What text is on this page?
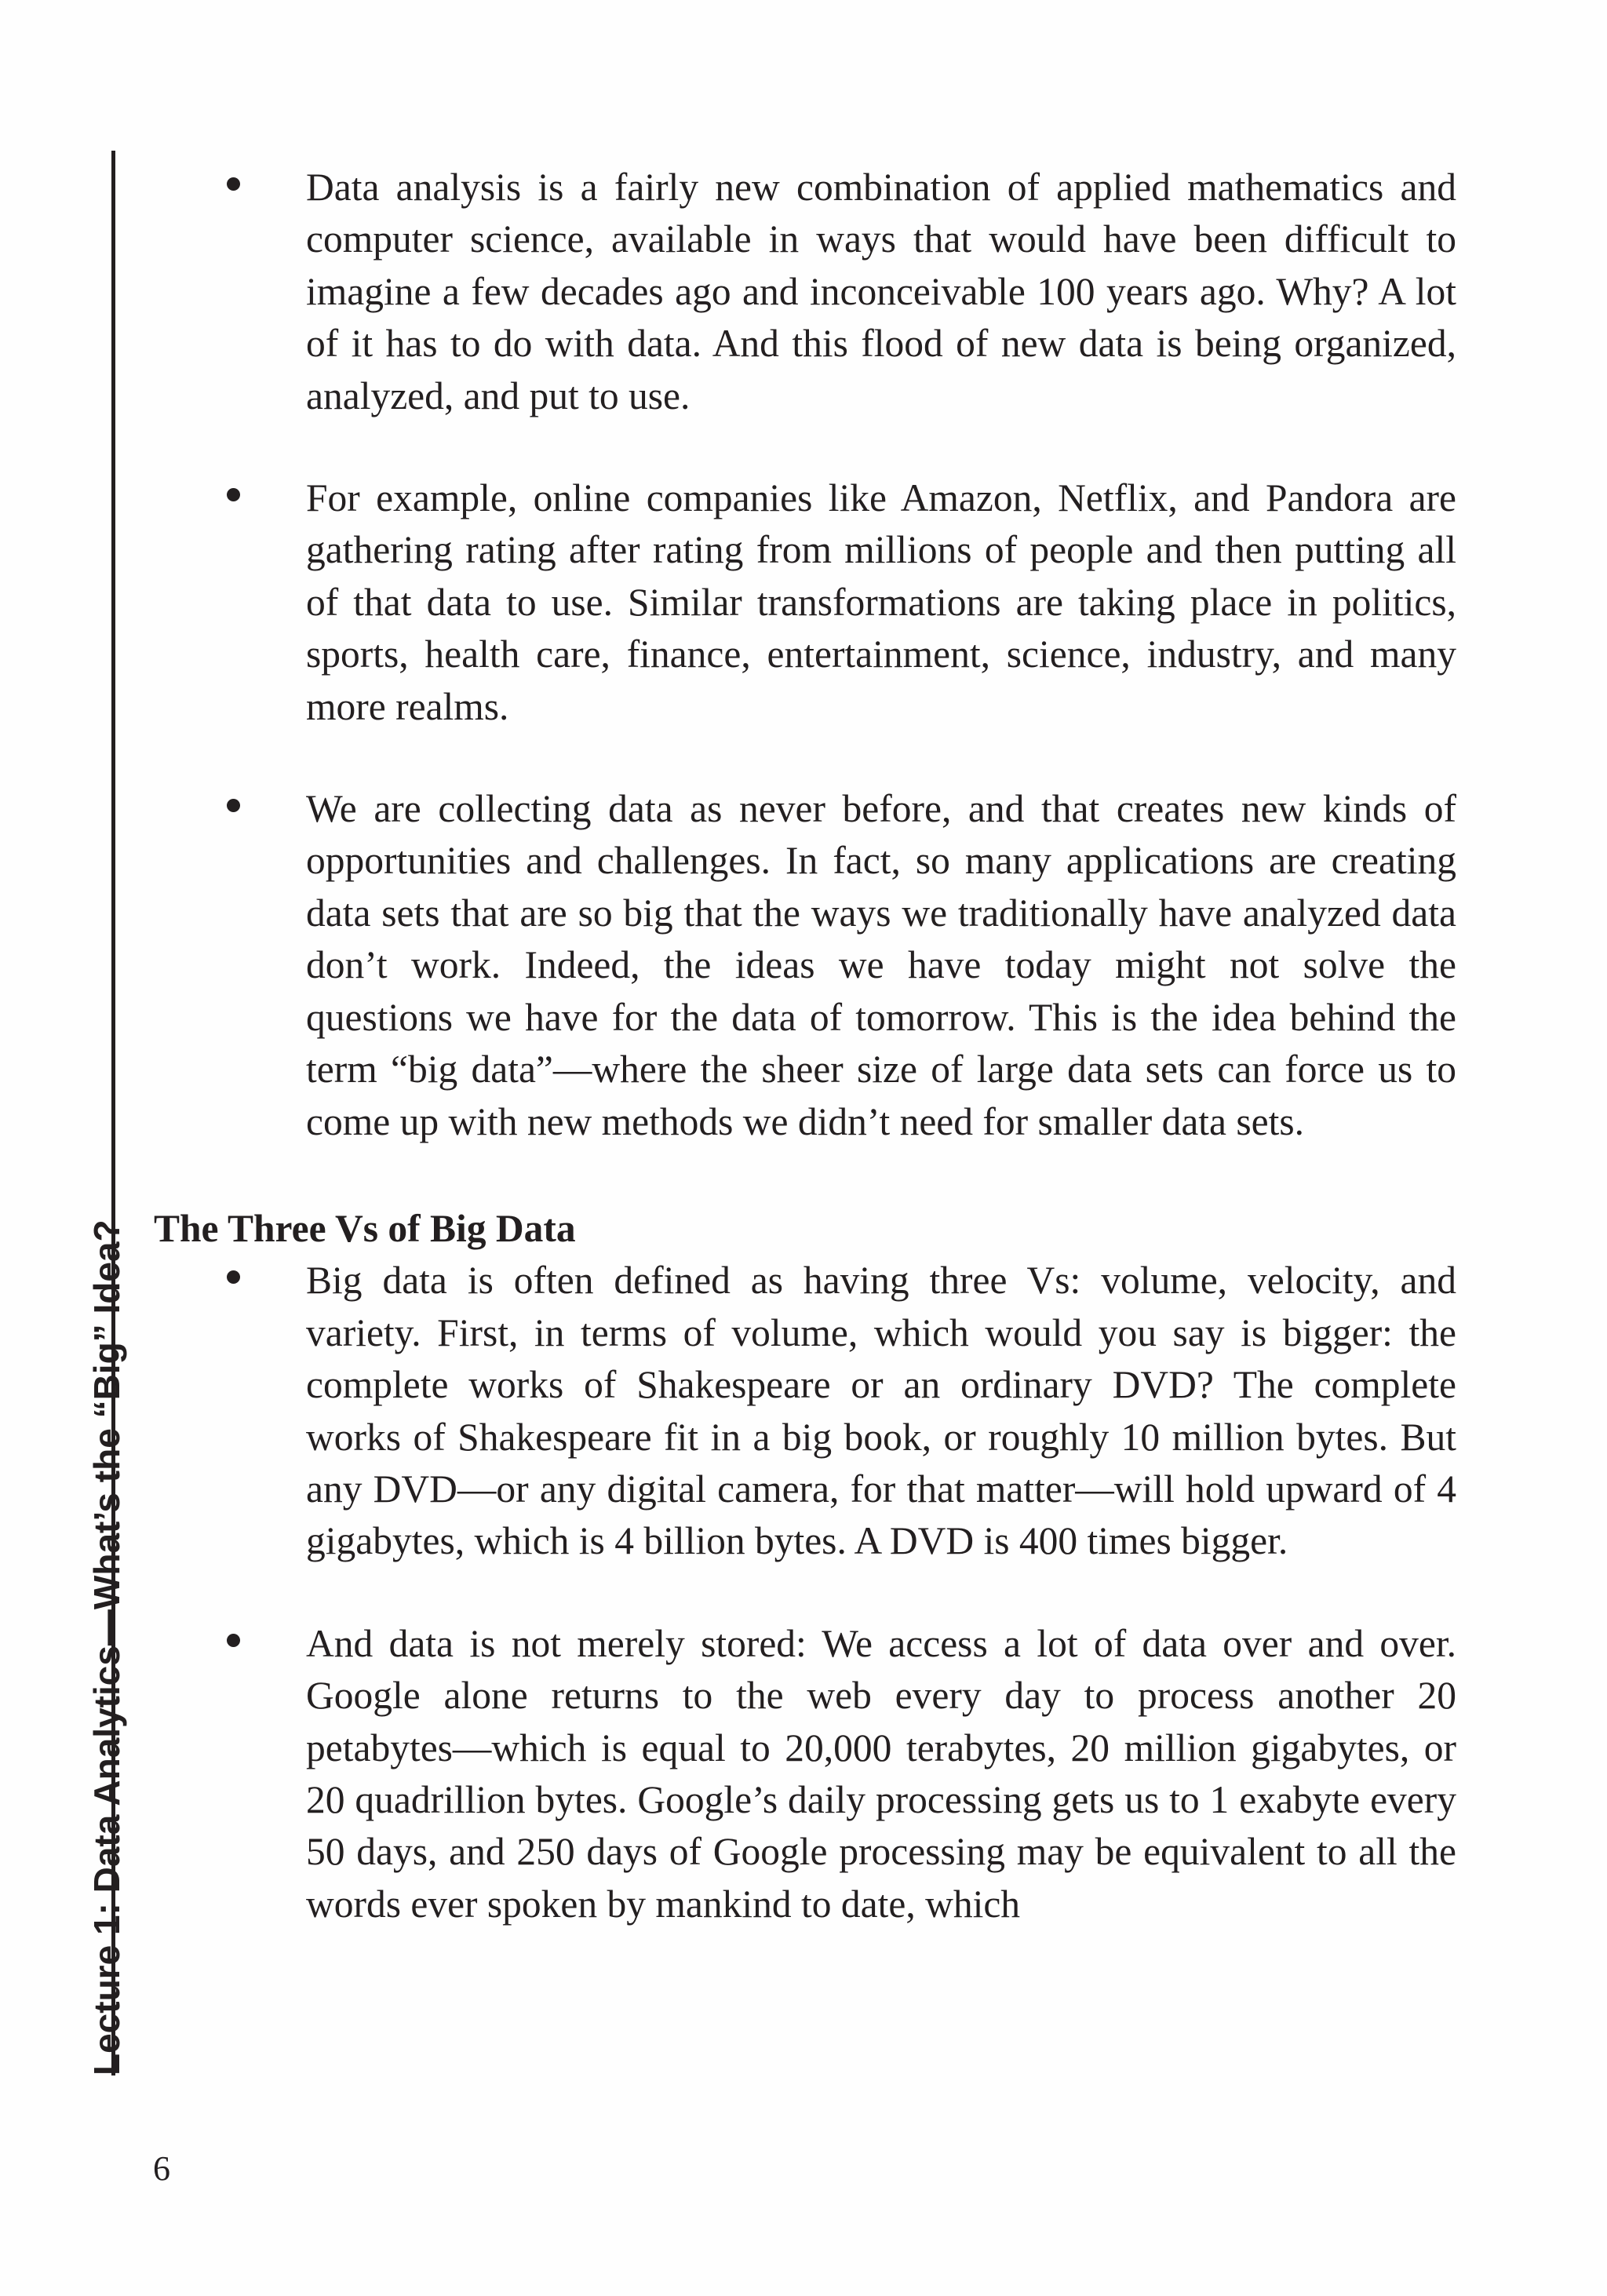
Lecture 1: Data Analytics—What’s the “Big” Idea?

Data analysis is a fairly new combination of applied mathematics and computer science, available in ways that would have been difficult to imagine a few decades ago and inconceivable 100 years ago. Why? A lot of it has to do with data. And this flood of new data is being organized, analyzed, and put to use.

For example, online companies like Amazon, Netflix, and Pandora are gathering rating after rating from millions of people and then putting all of that data to use. Similar transformations are taking place in politics, sports, health care, finance, entertainment, science, industry, and many more realms.

We are collecting data as never before, and that creates new kinds of opportunities and challenges. In fact, so many applications are creating data sets that are so big that the ways we traditionally have analyzed data don’t work. Indeed, the ideas we have today might not solve the questions we have for the data of tomorrow. This is the idea behind the term “big data”—where the sheer size of large data sets can force us to come up with new methods we didn’t need for smaller data sets.

The Three Vs of Big Data

Big data is often defined as having three Vs: volume, velocity, and variety. First, in terms of volume, which would you say is bigger: the complete works of Shakespeare or an ordinary DVD? The complete works of Shakespeare fit in a big book, or roughly 10 million bytes. But any DVD—or any digital camera, for that matter—will hold upward of 4 gigabytes, which is 4 billion bytes. A DVD is 400 times bigger.

And data is not merely stored: We access a lot of data over and over. Google alone returns to the web every day to process another 20 petabytes—which is equal to 20,000 terabytes, 20 million gigabytes, or 20 quadrillion bytes. Google’s daily processing gets us to 1 exabyte every 50 days, and 250 days of Google processing may be equivalent to all the words ever spoken by mankind to date, which

6
